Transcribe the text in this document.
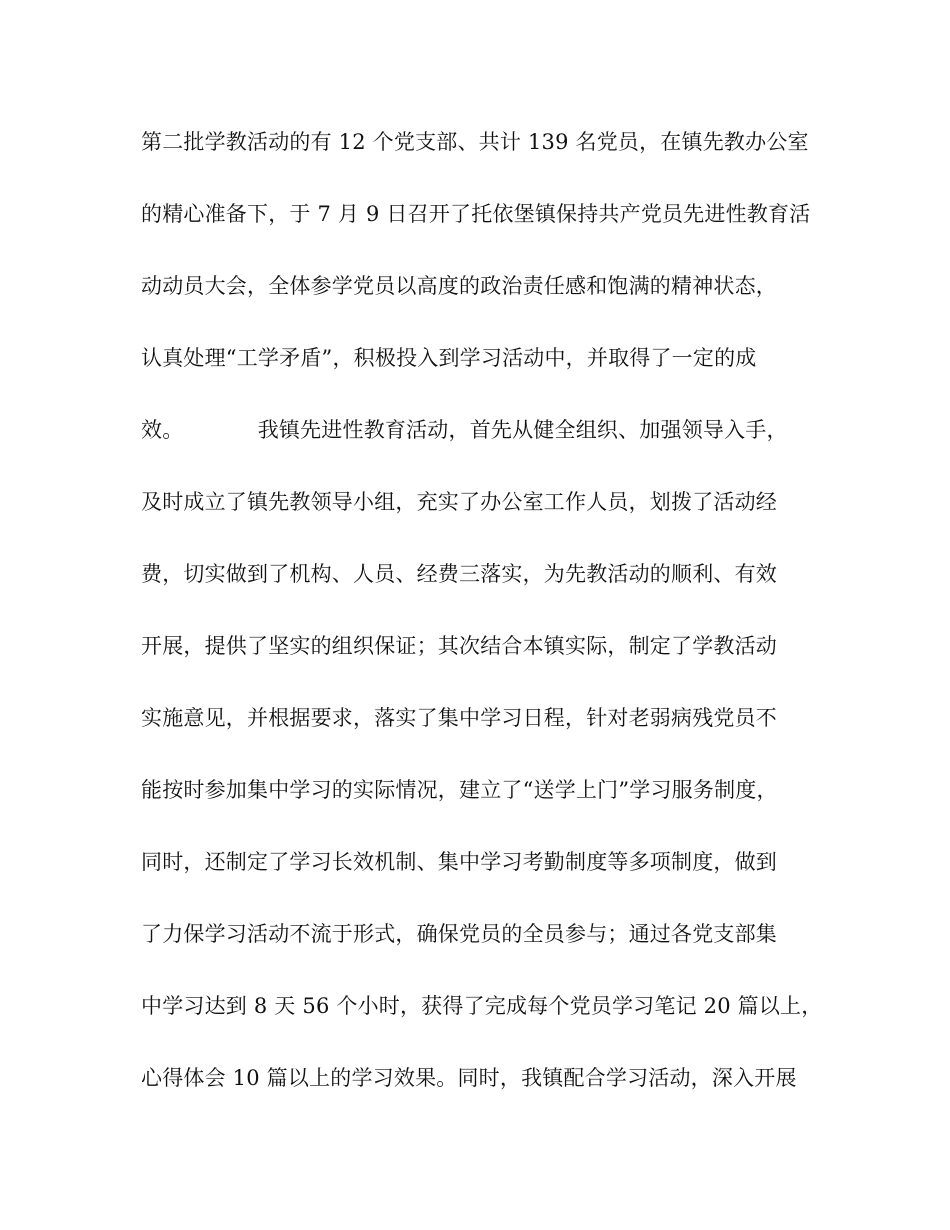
第二批学教活动的有 12 个党支部、共计 139 名党员，在镇先教办公室
的精心准备下，于 7 月 9 日召开了托依堡镇保持共产党员先进性教育活
动动员大会，全体参学党员以高度的政治责任感和饱满的精神状态，
认真处理“工学矛盾”，积极投入到学习活动中，并取得了一定的成
效。　　　　我镇先进性教育活动，首先从健全组织、加强领导入手，
及时成立了镇先教领导小组，充实了办公室工作人员，划拨了活动经
费，切实做到了机构、人员、经费三落实，为先教活动的顺利、有效
开展，提供了坚实的组织保证；其次结合本镇实际，制定了学教活动
实施意见，并根据要求，落实了集中学习日程，针对老弱病残党员不
能按时参加集中学习的实际情况，建立了“送学上门”学习服务制度，
同时，还制定了学习长效机制、集中学习考勤制度等多项制度，做到
了力保学习活动不流于形式，确保党员的全员参与；通过各党支部集
中学习达到 8 天 56 个小时，获得了完成每个党员学习笔记 20 篇以上，
心得体会 10 篇以上的学习效果。同时，我镇配合学习活动，深入开展
